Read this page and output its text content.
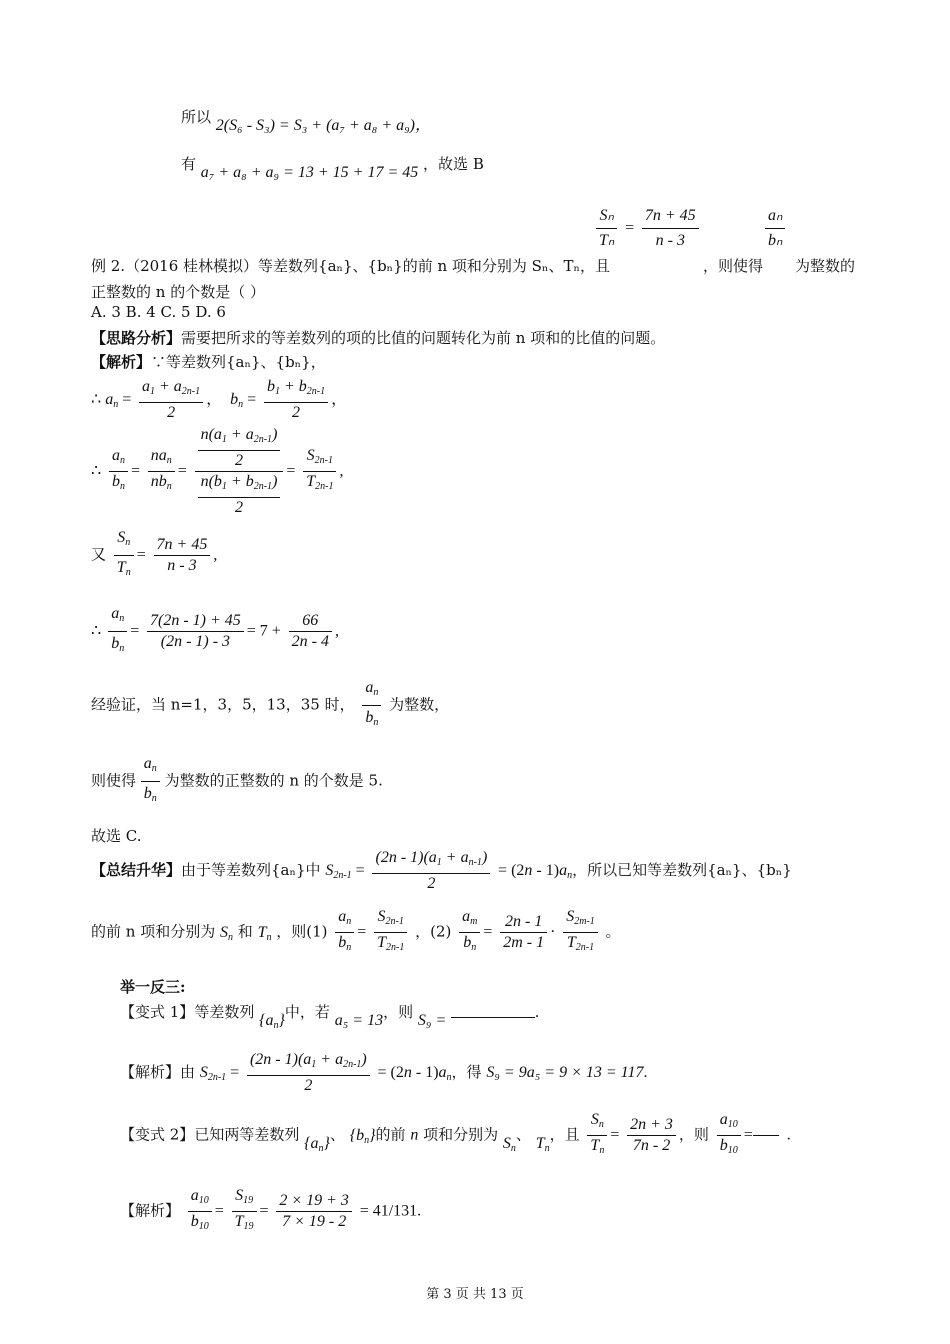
所以 2(S₆ - S₃) = S₃ + (a₇ + a₈ + a₉)，
有 a₇ + a₈ + a₉ = 13 + 15 + 17 = 45 ，故选 B
$\frac{\text{Sₙ}}{\text{Tₙ}} = \frac{7n + 45}{n - 3}$	$\frac{\text{aₙ}}{\text{bₙ}}$
例 2.（2016 桂林模拟）等差数列{aₙ}、{bₙ}的前 n 项和分别为 Sₙ、Tₙ，且	，则使得 为整数的
正整数的 n 的个数是（ ）
A. 3 B. 4 C. 5 D. 6
【思路分析】需要把所求的等差数列的项的比值的问题转化为前 n 项和的比值的问题。
【解析】∵等差数列{aₙ}、{bₙ}，
∴ $a_n = \frac{a_1 + a_{2n-1}}{2}$ ，  $b_n = \frac{b_1 + b_{2n-1}}{2}$ ，
∴ $\frac{a_n}{b_n} = \frac{na_n}{nb_n} = \frac{\frac{n(a_1 + a_{2n-1})}{2}}{\frac{n(b_1 + b_{2n-1})}{2}} = \frac{S_{2n-1}}{T_{2n-1}}$ ,
又 $\frac{S_n}{T_n} = \frac{7n + 45}{n - 3}$ ,
∴ $\frac{a_n}{b_n} = \frac{7(2n - 1) + 45}{(2n - 1) - 3} = 7 + \frac{66}{2n - 4}$ ,
经验证，当 n=1，3，5，13，35 时， $\frac{a_n}{b_n}$ 为整数，
则使得 $\frac{a_n}{b_n}$ 为整数的正整数的 n 的个数是 5.
故选 C.
【总结升华】由于等差数列{aₙ}中 $S_{2n-1} = \frac{(2n - 1)(a_1 + a_{n-1})}{2} = (2n - 1)a_n$，所以已知等差数列{aₙ}、{bₙ}
的前 n 项和分别为 $S_n$ 和 $T_n$ ，则$(1) \frac{a_n}{b_n} = \frac{S_{2n-1}}{T_{2n-1}}$ ，$(2) \frac{a_m}{b_n} = \frac{2n - 1}{2m - 1} \cdot \frac{S_{2m-1}}{T_{2n-1}}$ 。
举一反三:
【变式 1】等差数列 $\{a_n\}$中，若 a₅ = 13，则 S₉ =	.
【解析】由 $S_{2n-1} = \frac{(2n - 1)(a_1 + a_{2n-1})}{2} = (2n - 1)a_n$，得 S₉ = 9a₅ = 9 × 13 = 117.
【变式 2】已知两等差数列 $\{a_n\}$、 $\{b_n\}$的前 n 项和分别为 $S_n$、 $T_n$，且 $\frac{S_n}{T_n} = \frac{2n + 3}{7n - 2}$ ，则 $\frac{a_{10}}{b_{10}}$ =  .
【解析】 $\frac{a_{10}}{b_{10}} = \frac{S_{19}}{T_{19}} = \frac{2 \times 19 + 3}{7 \times 19 - 2} = 41/131$.
第 3 页 共 13 页
